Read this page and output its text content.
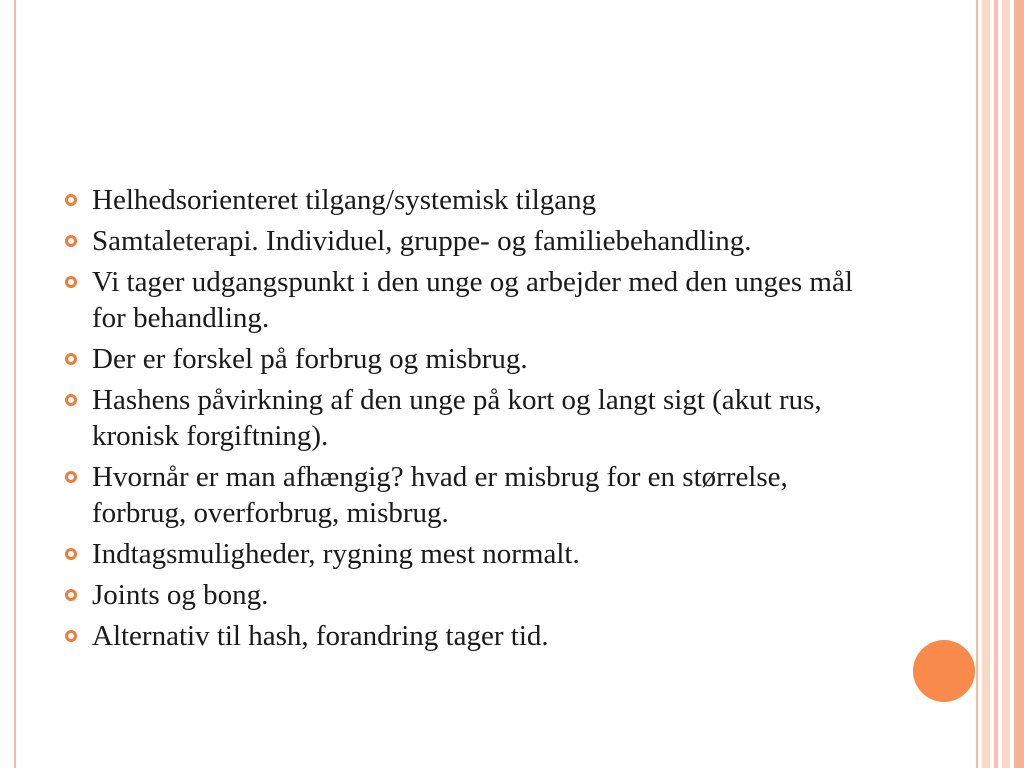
Helhedsorienteret tilgang/systemisk tilgang
Samtaleterapi. Individuel, gruppe- og familiebehandling.
Vi tager udgangspunkt i den unge og arbejder med den unges mål for behandling.
Der er forskel på forbrug og misbrug.
Hashens påvirkning af den unge på kort og langt sigt (akut rus, kronisk forgiftning).
Hvornår er man afhængig? hvad er misbrug for en størrelse, forbrug, overforbrug, misbrug.
Indtagsmuligheder, rygning mest normalt.
Joints og bong.
Alternativ til hash, forandring tager tid.
